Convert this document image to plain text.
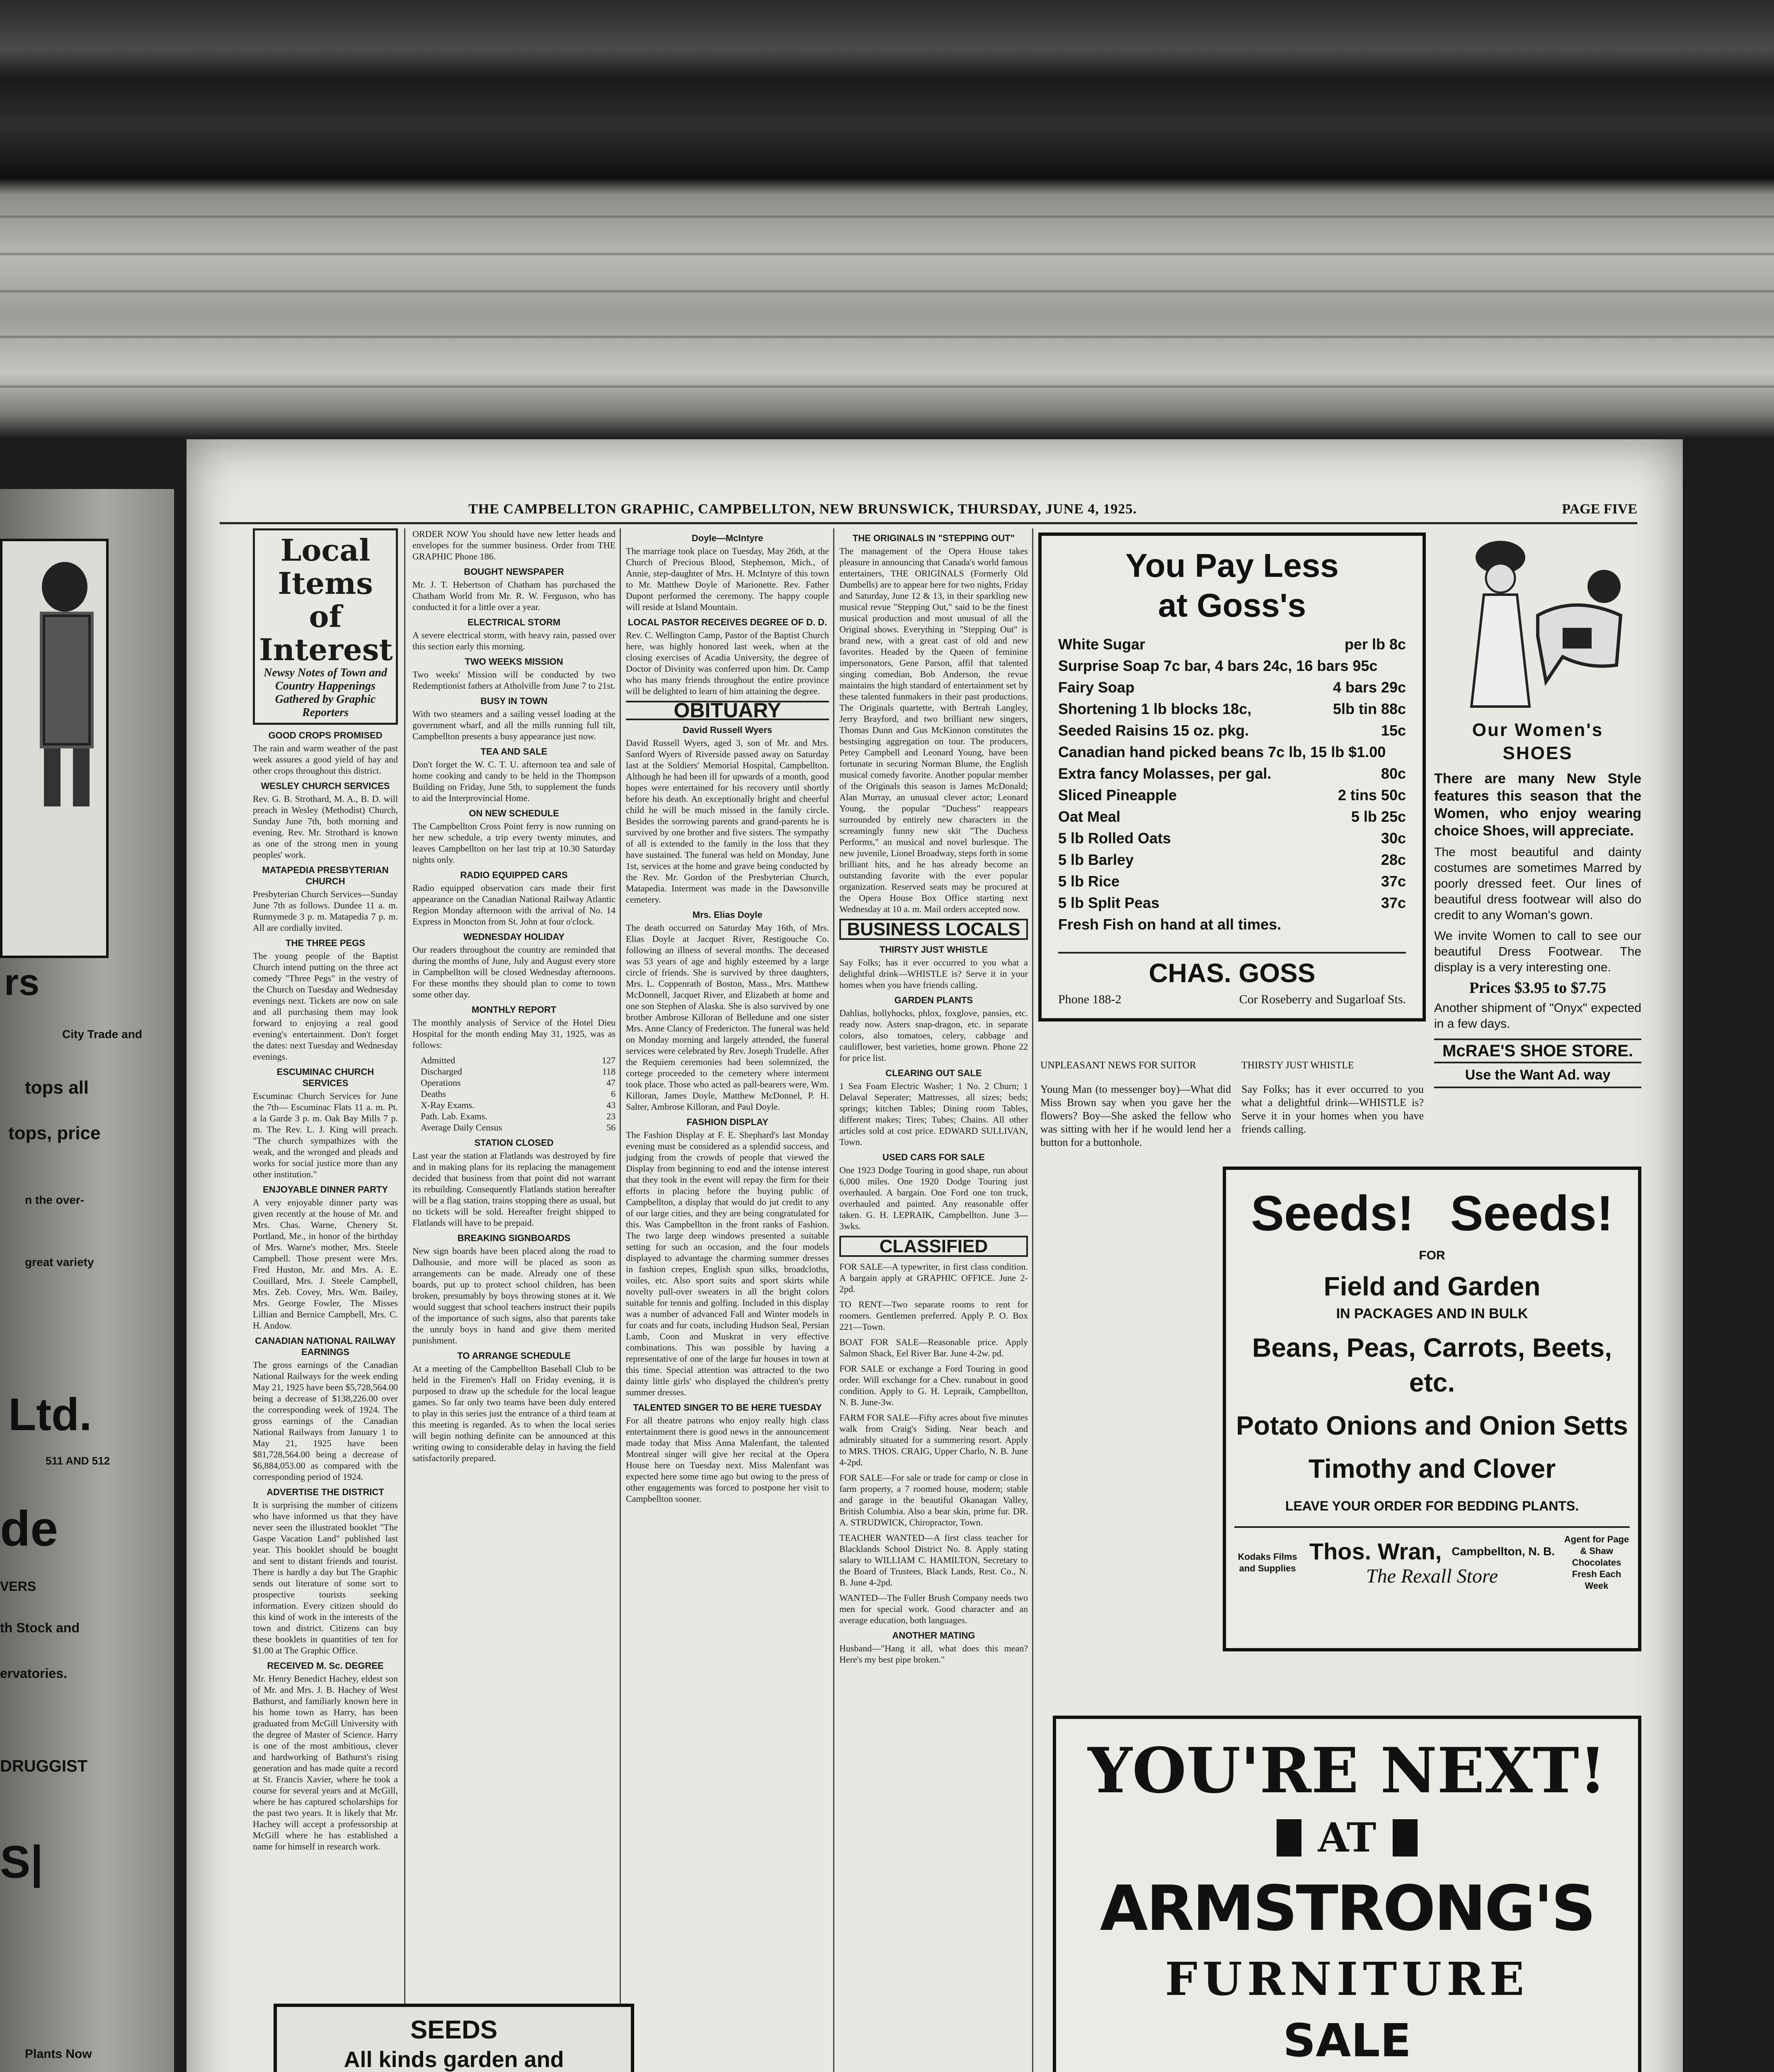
rs
City Trade and
tops all
tops, price
n the over-
great variety
Ltd.
511 AND 512
de
VERS
th Stock and
ervatories.
DRUGGIST
S|
Plants Now
THE CAMPBELLTON GRAPHIC, CAMPBELLTON, NEW BRUNSWICK, THURSDAY, JUNE 4, 1925.	PAGE FIVE
Local Items of Interest
Newsy Notes of Town and Country Happenings Gathered by Graphic Reporters
GOOD CROPS PROMISED

The rain and warm weather of the past week assures a good yield of hay and other crops throughout this district.

WESLEY CHURCH SERVICES

Rev. G. B. Strothard, M. A., B. D. will preach in Wesley (Methodist) Church, Sunday June 7th, both morning and evening. Rev. Mr. Strothard is known as one of the strong men in young peoples' work.

MATAPEDIA PRESBYTERIAN CHURCH

Presbyterian Church Services—Sunday June 7th as follows. Dundee 11 a. m. Runnymede 3 p. m. Matapedia 7 p. m. All are cordially invited.

THE THREE PEGS

The young people of the Baptist Church intend putting on the three act comedy "Three Pegs" in the vestry of the Church on Tuesday and Wednesday evenings next. Tickets are now on sale and all purchasing them may look forward to enjoying a real good evening's entertainment. Don't forget the dates: next Tuesday and Wednesday evenings.

ESCUMINAC CHURCH SERVICES

Escuminac Church Services for June the 7th— Escuminac Flats 11 a. m. Pt. a la Garde 3 p. m. Oak Bay Mills 7 p. m. The Rev. L. J. King will preach. "The church sympathizes with the weak, and the wronged and pleads and works for social justice more than any other institution."

ENJOYABLE DINNER PARTY

A very enjoyable dinner party was given recently at the house of Mr. and Mrs. Chas. Warne, Chenery St. Portland, Me., in honor of the birthday of Mrs. Warne's mother, Mrs. Steele Campbell. Those present were Mrs. Fred Huston, Mr. and Mrs. A. E. Couillard, Mrs. J. Steele Campbell, Mrs. Zeb. Covey, Mrs. Wm. Bailey, Mrs. George Fowler, The Misses Lillian and Bernice Campbell, Mrs. C. H. Andow.

CANADIAN NATIONAL RAILWAY EARNINGS

The gross earnings of the Canadian National Railways for the week ending May 21, 1925 have been $5,728,564.00 being a decrease of $138,226.00 over the corresponding week of 1924. The gross earnings of the Canadian National Railways from January 1 to May 21, 1925 have been $81,728,564.00 being a decrease of $6,884,053.00 as compared with the corresponding period of 1924.

ADVERTISE THE DISTRICT

It is surprising the number of citizens who have informed us that they have never seen the illustrated booklet "The Gaspe Vacation Land" published last year. This booklet should be bought and sent to distant friends and tourist. There is hardly a day but The Graphic sends out literature of some sort to prospective tourists seeking information. Every citizen should do this kind of work in the interests of the town and district. Citizens can buy these booklets in quantities of ten for $1.00 at The Graphic Office.

RECEIVED M. Sc. DEGREE

Mr. Henry Benedict Hachey, eldest son of Mr. and Mrs. J. B. Hachey of West Bathurst, and familiarly known here in his home town as Harry, has been graduated from McGill University with the degree of Master of Science. Harry is one of the most ambitious, clever and hardworking of Bathurst's rising generation and has made quite a record at St. Francis Xavier, where he took a course for several years and at McGill, where he has captured scholarships for the past two years. It is likely that Mr. Hachey will accept a professorship at McGill where he has established a name for himself in research work.

ORDER NOW You should have new letter heads and envelopes for the summer business. Order from THE GRAPHIC Phone 186.

BOUGHT NEWSPAPER

Mr. J. T. Hebertson of Chatham has purchased the Chatham World from Mr. R. W. Ferguson, who has conducted it for a little over a year.

ELECTRICAL STORM

A severe electrical storm, with heavy rain, passed over this section early this morning.

TWO WEEKS MISSION

Two weeks' Mission will be conducted by two Redemptionist fathers at Atholville from June 7 to 21st.

BUSY IN TOWN

With two steamers and a sailing vessel loading at the government wharf, and all the mills running full tilt, Campbellton presents a busy appearance just now.

TEA AND SALE

Don't forget the W. C. T. U. afternoon tea and sale of home cooking and candy to be held in the Thompson Building on Friday, June 5th, to supplement the funds to aid the Interprovincial Home.

ON NEW SCHEDULE

The Campbellton Cross Point ferry is now running on her new schedule, a trip every twenty minutes, and leaves Campbellton on her last trip at 10.30 Saturday nights only.

RADIO EQUIPPED CARS

Radio equipped observation cars made their first appearance on the Canadian National Railway Atlantic Region Monday afternoon with the arrival of No. 14 Express in Moncton from St. John at four o'clock.

WEDNESDAY HOLIDAY

Our readers throughout the country are reminded that during the months of June, July and August every store in Campbellton will be closed Wednesday afternoons. For these months they should plan to come to town some other day.

MONTHLY REPORT

The monthly analysis of Service of the Hotel Dieu Hospital for the month ending May 31, 1925, was as follows:

Admitted	127
Discharged	118
Operations	47
Deaths	6
X-Ray Exams.	43
Path. Lab. Exams.	23
Average Daily Census	56
STATION CLOSED

Last year the station at Flatlands was destroyed by fire and in making plans for its replacing the management decided that business from that point did not warrant its rebuilding. Consequently Flatlands station hereafter will be a flag station, trains stopping there as usual, but no tickets will be sold. Hereafter freight shipped to Flatlands will have to be prepaid.

BREAKING SIGNBOARDS

New sign boards have been placed along the road to Dalhousie, and more will be placed as soon as arrangements can be made. Already one of these boards, put up to protect school children, has been broken, presumably by boys throwing stones at it. We would suggest that school teachers instruct their pupils of the importance of such signs, also that parents take the unruly boys in hand and give them merited punishment.

TO ARRANGE SCHEDULE

At a meeting of the Campbellton Baseball Club to be held in the Firemen's Hall on Friday evening, it is purposed to draw up the schedule for the local league games. So far only two teams have been duly entered to play in this series just the entrance of a third team at this meeting is regarded. As to when the local series will begin nothing definite can be announced at this writing owing to considerable delay in having the field satisfactorily prepared.

SEEDS
All kinds garden and
Doyle—McIntyre

The marriage took place on Tuesday, May 26th, at the Church of Precious Blood, Stephenson, Mich., of Annie, step-daughter of Mrs. H. McIntyre of this town to Mr. Matthew Doyle of Marionette. Rev. Father Dupont performed the ceremony. The happy couple will reside at Island Mountain.

LOCAL PASTOR RECEIVES DEGREE OF D. D.

Rev. C. Wellington Camp, Pastor of the Baptist Church here, was highly honored last week, when at the closing exercises of Acadia University, the degree of Doctor of Divinity was conferred upon him. Dr. Camp who has many friends throughout the entire province will be delighted to learn of him attaining the degree.

OBITUARY
David Russell Wyers

David Russell Wyers, aged 3, son of Mr. and Mrs. Sanford Wyers of Riverside passed away on Saturday last at the Soldiers' Memorial Hospital, Campbellton. Although he had been ill for upwards of a month, good hopes were entertained for his recovery until shortly before his death. An exceptionally bright and cheerful child he will be much missed in the family circle. Besides the sorrowing parents and grand-parents he is survived by one brother and five sisters. The sympathy of all is extended to the family in the loss that they have sustained. The funeral was held on Monday, June 1st, services at the home and grave being conducted by the Rev. Mr. Gordon of the Presbyterian Church, Matapedia. Interment was made in the Dawsonville cemetery.

Mrs. Elias Doyle

The death occurred on Saturday May 16th, of Mrs. Elias Doyle at Jacquet River, Restigouche Co. following an illness of several months. The deceased was 53 years of age and highly esteemed by a large circle of friends. She is survived by three daughters, Mrs. L. Coppenrath of Boston, Mass., Mrs. Matthew McDonnell, Jacquet River, and Elizabeth at home and one son Stephen of Alaska. She is also survived by one brother Ambrose Killoran of Belledune and one sister Mrs. Anne Clancy of Fredericton. The funeral was held on Monday morning and largely attended, the funeral services were celebrated by Rev. Joseph Trudelle. After the Requiem ceremonies had been solemnized, the cortege proceeded to the cemetery where interment took place. Those who acted as pall-bearers were, Wm. Killoran, James Doyle, Matthew McDonnel, P. H. Salter, Ambrose Killoran, and Paul Doyle.

FASHION DISPLAY

The Fashion Display at F. E. Shephard's last Monday evening must be considered as a splendid success, and judging from the crowds of people that viewed the Display from beginning to end and the intense interest that they took in the event will repay the firm for their efforts in placing before the buying public of Campbellton, a display that would do jut credit to any of our large cities, and they are being congratulated for this. Was Campbellton in the front ranks of Fashion. The two large deep windows presented a suitable setting for such an occasion, and the four models displayed to advantage the charming summer dresses in fashion crepes, English spun silks, broadcloths, voiles, etc. Also sport suits and sport skirts while novelty pull-over sweaters in all the bright colors suitable for tennis and golfing. Included in this display was a number of advanced Fall and Winter models in fur coats and fur coats, including Hudson Seal, Persian Lamb, Coon and Muskrat in very effective combinations. This was possible by having a representative of one of the large fur houses in town at this time. Special attention was attracted to the two dainty little girls' who displayed the children's pretty summer dresses.

TALENTED SINGER TO BE HERE TUESDAY

For all theatre patrons who enjoy really high class entertainment there is good news in the announcement made today that Miss Anna Malenfant, the talented Montreal singer will give her recital at the Opera House here on Tuesday next. Miss Malenfant was expected here some time ago but owing to the press of other engagements was forced to postpone her visit to Campbellton sooner.

THE ORIGINALS IN "STEPPING OUT"

The management of the Opera House takes pleasure in announcing that Canada's world famous entertainers, THE ORIGINALS (Formerly Old Dumbells) are to appear here for two nights, Friday and Saturday, June 12 & 13, in their sparkling new musical revue "Stepping Out," said to be the finest musical production and most unusual of all the Original shows. Everything in "Stepping Out" is brand new, with a great cast of old and new favorites. Headed by the Queen of feminine impersonators, Gene Parson, affil that talented singing comedian, Bob Anderson, the revue maintains the high standard of entertainment set by these talented funmakers in their past productions. The Originals quartette, with Bertrah Langley, Jerry Brayford, and two brilliant new singers, Thomas Dunn and Gus McKinnon constitutes the bestsinging aggregation on tour. The producers, Petey Campbell and Leonard Young, have been fortunate in securing Norman Blume, the English musical comedy favorite. Another popular member of the Originals this season is James McDonald; Alan Murray, an unusual clever actor; Leonard Young, the popular "Duchess" reappears surrounded by entirely new characters in the screamingly funny new skit "The Duchess Performs," an musical and novel burlesque. The new juvenile, Lionel Broadway, steps forth in some brilliant hits, and he has already become an outstanding favorite with the ever popular organization. Reserved seats may be procured at the Opera House Box Office starting next Wednesday at 10 a. m. Mail orders accepted now.

BUSINESS LOCALS
THIRSTY JUST WHISTLE

Say Folks; has it ever occurred to you what a delightful drink—WHISTLE is? Serve it in your homes when you have friends calling.

GARDEN PLANTS

Dahlias, hollyhocks, phlox, foxglove, pansies, etc. ready now. Asters snap-dragon, etc. in separate colors, also tomatoes, celery, cabbage and cauliflower, best varieties, home grown. Phone 22 for price list.

CLEARING OUT SALE

1 Sea Foam Electric Washer; 1 No. 2 Churn; 1 Delaval Seperater; Mattresses, all sizes; beds; springs; kitchen Tables; Dining room Tables, different makes; Tires; Tubes; Chains. All other articles sold at cost price. EDWARD SULLIVAN, Town.

USED CARS FOR SALE

One 1923 Dodge Touring in good shape, run about 6,000 miles. One 1920 Dodge Touring just overhauled. A bargain. One Ford one ton truck, overhauled and painted. Any reasonable offer taken. G. H. LEPRAIK, Campbellton. June 3—3wks.

CLASSIFIED

FOR SALE—A typewriter, in first class condition. A bargain apply at GRAPHIC OFFICE. June 2-2pd.

TO RENT—Two separate rooms to rent for roomers. Gentlemen preferred. Apply P. O. Box 221—Town.

BOAT FOR SALE—Reasonable price. Apply Salmon Shack, Eel River Bar. June 4-2w. pd.

FOR SALE or exchange a Ford Touring in good order. Will exchange for a Chev. runabout in good condition. Apply to G. H. Lepraik, Campbellton, N. B. June-3w.

FARM FOR SALE—Fifty acres about five minutes walk from Craig's Siding. Near beach and admirably situated for a summering resort. Apply to MRS. THOS. CRAIG, Upper Charlo, N. B. June 4-2pd.

FOR SALE—For sale or trade for camp or close in farm property, a 7 roomed house, modern; stable and garage in the beautiful Okanagan Valley, British Columbia. Also a bear skin, prime fur. DR. A. STRUDWICK, Chiropractor, Town.

TEACHER WANTED—A first class teacher for Blacklands School District No. 8. Apply stating salary to WILLIAM C. HAMILTON, Secretary to the Board of Trustees, Black Lands, Rest. Co., N. B. June 4-2pd.

WANTED—The Fuller Brush Company needs two men for special work. Good character and an average education, both languages.

ANOTHER MATING

Husband—"Hang it all, what does this mean? Here's my best pipe broken."

You Pay Less
at Goss's
White Sugar	per lb 8c
Surprise Soap 7c bar, 4 bars 24c, 16 bars 95c
Fairy Soap	4 bars 29c
Shortening 1 lb blocks 18c,	5lb tin 88c
Seeded Raisins 15 oz. pkg.	15c
Canadian hand picked beans 7c lb, 15 lb $1.00
Extra fancy Molasses, per gal.	80c
Sliced Pineapple	2 tins 50c
Oat Meal	5 lb 25c
5 lb Rolled Oats	30c
5 lb Barley	28c
5 lb Rice	37c
5 lb Split Peas	37c
Fresh Fish on hand at all times.
CHAS. GOSS
Phone 188-2	Cor Roseberry and Sugarloaf Sts.
UNPLEASANT NEWS FOR SUITOR

Young Man (to messenger boy)—What did Miss Brown say when you gave her the flowers? Boy—She asked the fellow who was sitting with her if he would lend her a button for a buttonhole.

THIRSTY JUST WHISTLE

Say Folks; has it ever occurred to you what a delightful drink—WHISTLE is? Serve it in your homes when you have friends calling.

Our Women's
SHOES
There are many New Style features this season that the Women, who enjoy wearing choice Shoes, will appreciate.
The most beautiful and dainty costumes are sometimes Marred by poorly dressed feet. Our lines of beautiful dress footwear will also do credit to any Woman's gown.
We invite Women to call to see our beautiful Dress Footwear. The display is a very interesting one.
Prices $3.95 to $7.75
Another shipment of "Onyx" expected in a few days.
McRAE'S SHOE STORE.
Use the Want Ad. way
Seeds! Seeds!
FOR
Field and Garden
IN PACKAGES AND IN BULK
Beans, Peas, Carrots, Beets, etc.
Potato Onions and Onion Setts
Timothy and Clover
LEAVE YOUR ORDER FOR BEDDING PLANTS.
Kodaks Films and Supplies
Thos. Wran, Campbellton, N. B.
The Rexall Store
Agent for Page & Shaw Chocolates Fresh Each Week
YOU'RE NEXT!
AT
ARMSTRONG'S
FURNITURE
SALE
